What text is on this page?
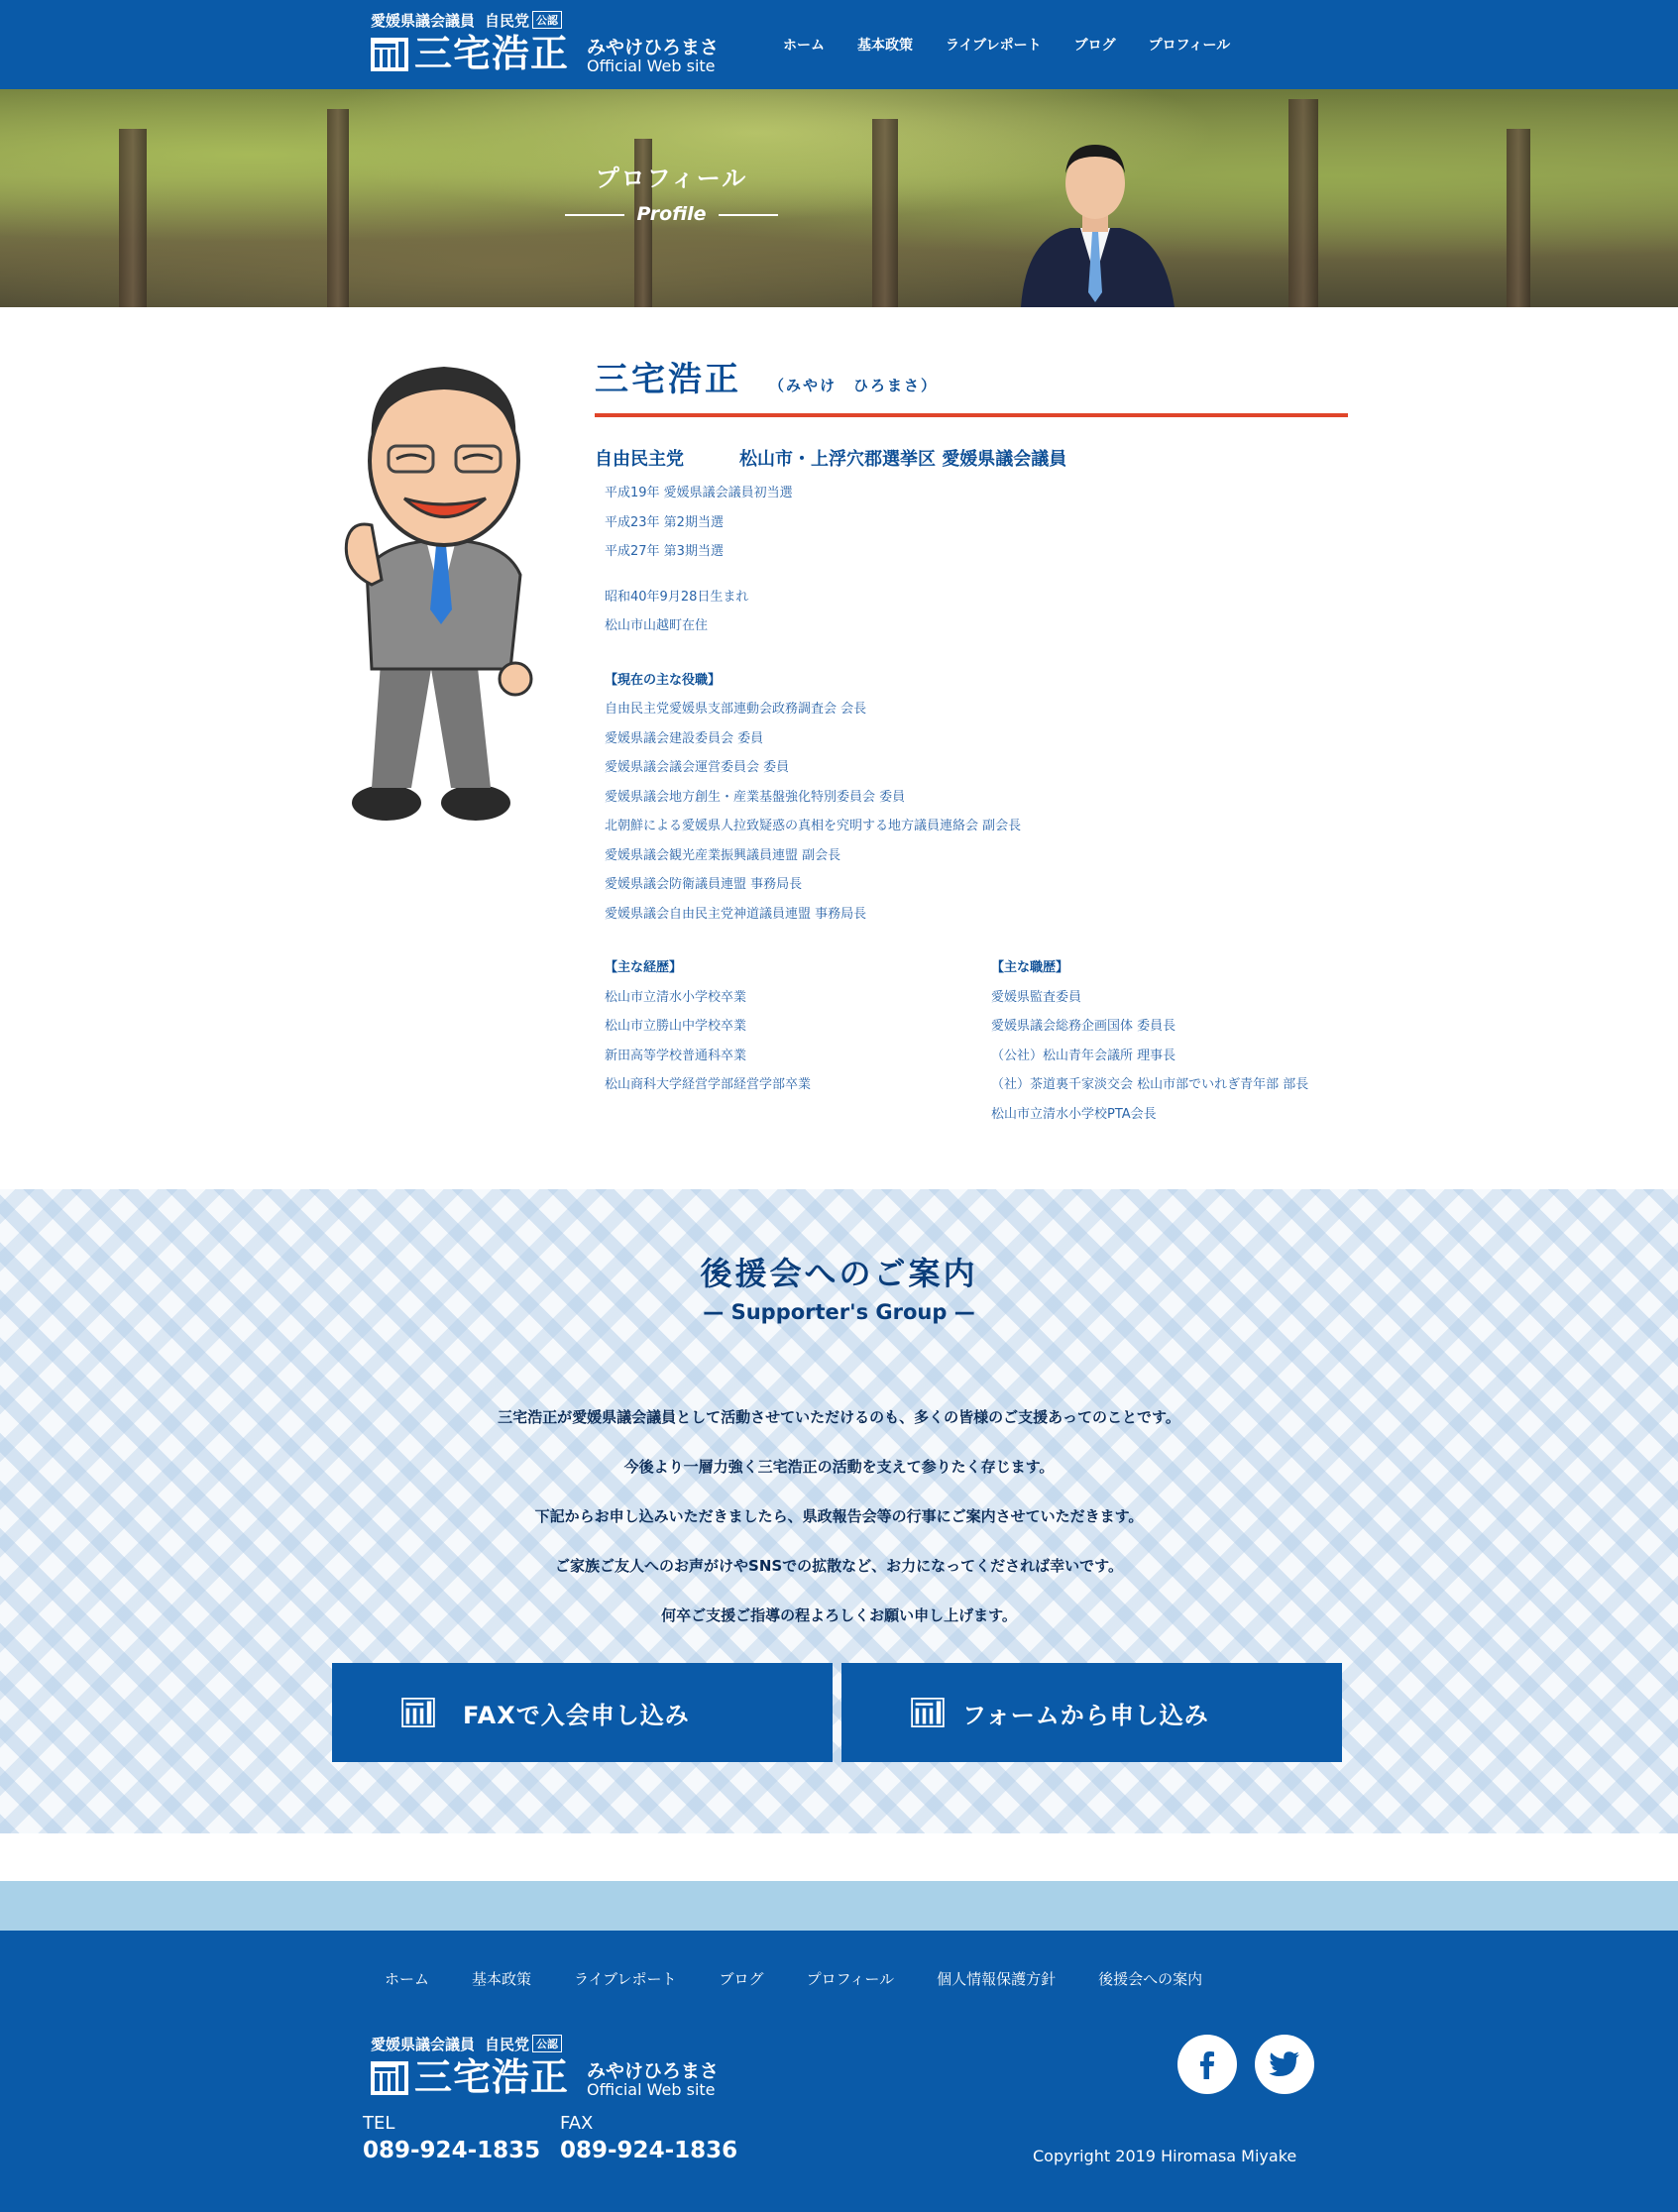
愛媛県議会議員 自民党 公認
三宅浩正 みやけひろまさ
Official Web site
ホーム 基本政策 ライブレポート ブログ プロフィール
プロフィール
Profile
三宅浩正 （みやけ　ひろまさ）
自由民主党	松山市・上浮穴郡選挙区 愛媛県議会議員
平成19年 愛媛県議会議員初当選
平成23年 第2期当選
平成27年 第3期当選
昭和40年9月28日生まれ
松山市山越町在住
【現在の主な役職】
自由民主党愛媛県支部連動会政務調査会 会長
愛媛県議会建設委員会 委員
愛媛県議会議会運営委員会 委員
愛媛県議会地方創生・産業基盤強化特別委員会 委員
北朝鮮による愛媛県人拉致疑惑の真相を究明する地方議員連絡会 副会長
愛媛県議会観光産業振興議員連盟 副会長
愛媛県議会防衛議員連盟 事務局長
愛媛県議会自由民主党神道議員連盟 事務局長
【主な経歴】
松山市立清水小学校卒業
松山市立勝山中学校卒業
新田高等学校普通科卒業
松山商科大学経営学部経営学部卒業
【主な職歴】
愛媛県監査委員
愛媛県議会総務企画国体 委員長
（公社）松山青年会議所 理事長
（社）茶道裏千家淡交会 松山市部でいれぎ青年部 部長
松山市立清水小学校PTA会長
後援会へのご案内
— Supporter's Group —

三宅浩正が愛媛県議会議員として活動させていただけるのも、多くの皆様のご支援あってのことです。

今後より一層力強く三宅浩正の活動を支えて参りたく存じます。

下記からお申し込みいただきましたら、県政報告会等の行事にご案内させていただきます。

ご家族ご友人へのお声がけやSNSでの拡散など、お力になってくだされば幸いです。

何卒ご支援ご指導の程よろしくお願い申し上げます。

FAXで入会申し込み	フォームから申し込み
ホーム	基本政策	ライブレポート	ブログ	プロフィール	個人情報保護方針	後援会への案内
愛媛県議会議員 自民党 公認
三宅浩正 みやけひろまさ
Official Web site
TEL
089-924-1835
FAX
089-924-1836	Copyright 2019 Hiromasa Miyake
